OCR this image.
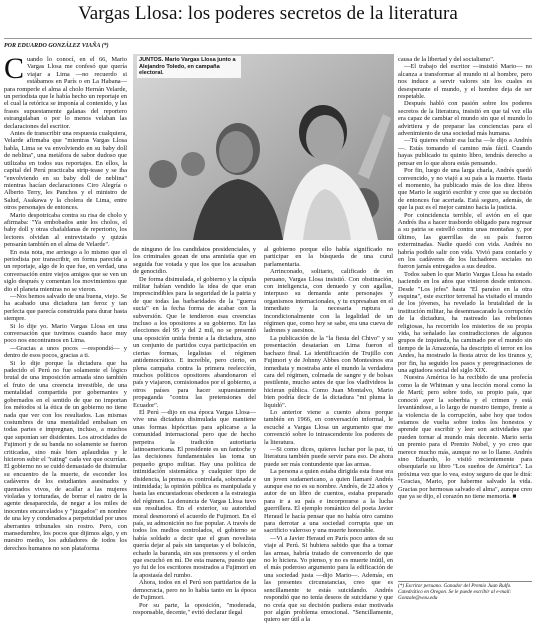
Vargas Llosa: los poderes secretos de la literatura
POR EDUARDO GONZÁLEZ VIAÑA (*)

Cuando lo conocí, en el 66, Mario Vargas Llosa me confesó que quería viajar a Lima —no recuerdo si estábamos en París o en La Habana— para romperle el alma al cholo Hernán Velarde, un periodista que le había hecho un reportaje en el cual la retórica se imponía al contenido, y las frases supuestamente galanas del reportero estrangulaban o por lo menos velaban las declaraciones del escritor.

Antes de transcribir una respuesta cualquiera, Velarde afirmaba que "mientras Vargas Llosa habla, Lima se va envolviendo en su baby doll de neblina", una metáfora de sabor dudoso que utilizaba en todos sus reportajes. En ellos, la capital del Perú practicaba strip-tease y se iba "envolviendo en su baby doll de neblina" mientras hacían declaraciones Ciro Alegría o Alberto Terry, les Panchos y el ministro de Salud, Asakawa y la cholera de Lima, entre otros personajes de entonces.

Mario despotricaba contra su risa de cholo y afirmaba: "Ya embobados ante los cholos, el baby doll y otras chafaldanas de repertorio, los lectores olvidan al entrevistado y quizás pensarán también en el alma de Velarde".

En esta nota, me arriesgo a lo mismo que el periodista por transcribir, en forma parecida a un reportaje, algo de lo que fue, en verdad, una conversación entre viejos amigos que se ven un siglo después y comentan los movimientos que dio el planeta mientras no se vieron.

—Nos hemos salvado de una buena, viejo. Se ha acabado una dictadura tan feroz y tan perfecta que parecía construida para durar hasta siempre.

Si lo dije yo. Mario Vargas Llosa en una conversación que tuvimos cuando hace muy poco nos encontramos en Lima.

—Gracias a unos pocos —respondió— y dentro de esos pocos, gracias a ti.

Si lo dije porque la dictadura que ha padecido el Perú no fue solamente el lógico brutal de una imposición armada sino también el fruto de una creencia investible, de una mentalidad compartida por gobernantes y gobernados en el sentido de que no importan los métodos si la ética de un gobierno no tiene nada que ver con los resultados. Las mismas costumbres de una mentalidad embalsan en todas partes e impregnan, incluso, a muchos que suponían ser disidentes. Los atrocidades de Fujimori y de su banda no solamente se fueron criticadas, sino más bien aplaudidas y le hicieron subir el "rating" cada vez que ocurrían. El gobierno no se cuidó demasiado de disimular su encuentro de la muerte, de esconder los cadáveres de los estudiantes asesinados y quemados vivos, de acallar a las mujeres violadas y torturadas, de borrar el rastro de la agente desaparecida, de negar a los miles de inocentes encarcelados y "juzgados" en nombre de una ley y condenados a perpetuidad por unos aberrantes tribunales sin rostro. Pero, con mansedumbre, los pocos que dijimos algo, y en nuestro medio, los aduladores de todos los derechos humanos no son plataforma

JUNTOS. Mario Vargas Llosa junto a Alejandro Toledo, en campaña electoral.

de ninguno de los candidatos presidenciales, y los criminales gozan de una amnistía que en seguida fue votada y que los que los acusaban de genocidio.

De forma disimulada, el gobierno y la cúpula militar habían vendido la idea de que eran imprescindibles para la seguridad de la patria y de que todas las barbaridades de la "guerra sucia" en la fecha forma de acabar con la subversión. Que le tendieron esas creencias incluso a los opositores a su gobierno. En las elecciones del 95 y del 2 mil, no se presentó una oposición unida frente a la dictadura, sino un conjunto de partidos cuya participación en ciertas formas, legalistas el régimen antidemocrático. E increíble, pero cierto, en plena campaña contra la primera reelección, muchos políticos opositores abandonaron el país y viajaron, comisionados por el gobierno, a otros países para hacer supuestamente propaganda "contra las pretensiones del Ecuador".

El Perú —dijo en esa época Vargas Llosa— vive una dictadura disimulada que mantiene unas formas hipócritas para aplicarse a la comunidad internacional pero que de hecho perpetra la tradición autoritaria latinoamericana. El presidente es un fantoche y las decisiones fundamentales las toma un pequeño grupo militar. Hay una política de intimidación sistemática y cualquier tipo de disidencia, la prensa es controlada, sobornada e intimidada; la opinión pública es manipulada y hasta las encuestadoras obedecen a la estrategia del régimen. La denuncia de Vargas Llosa tuvo sus resultados. En el exterior, su autoridad moral desmoronó el acuerdo de Fujimori. En el país, su admonición no fue popular. A través de todos los medios controlados, el gobierno se había soldado a decir que el gran novelista quería dejar al país sin tanquetas y el bolsicón, echado la baranda, sin sus prensores y el orden que escuchó en mí. De esta manera, puesto que yo fui de los escritores mostrados a Fujimori en la apostasía del rumbo.

Ahora, todos en el Perú son partidarios de la democracia, pero no lo había tanto en la época de Fujimori.

Por su parte, la oposición, "moderada, responsable, decente," evitó declarar ilegal

al gobierno porque ello había significado no participar en la búsqueda de una curul parlamentaria.

Arrinconado, solitario, calificado de en peruano, Vargas Llosa insistió. Con obstinación, con inteligencia, con denuedo y con agallas, interpuso su demanda ante personajes y organismos internacionales, y tu expresaban en el inmediato y la necesaria ruptura a incondicionalmente con la legalidad de un régimen que, como hoy se sabe, era una cueva de ladrones y asesinos.

La publicación de la "la fiesta del Chivo" y su presentación desatarían en Lima fueron el hachazo final. La identificación de Trujillo con Fujimori y de Johnny Abbes con Montesinos era inmediata y mostraba ante el mundo la verdadera cara del régimen, colmada de sangre y de bolsas pestilente, mucho antes de que los vladivideos la hicieran pública. Como Juan Montalvo, Mario bien podría decir de la dictadura "mi pluma la liquidó".

Lo anterior viene a cuento ahora porque también en 1966, en conversación informal, le escuché a Vargas Llosa un argumento que me convenció sobre lo intrascendente los poderes de la literatura.

—Si como dices, quieres luchar por la paz, tú literatura también puede servir para eso. De ahora puede ser más contundente que las armas.

La persona a quien estaba dirigida esta frase era un joven sudamericano, a quien llamaré Andrés aunque ese no es su nombre. Andrés, de 22 años y autor de un libro de cuentos, estaba preparado para ir a su país e incorporarse a la lucha guerrillera. El ejemplo romántico del poeta Javier Heraud le hacía pensar que no había otro camino para derrotar a una sociedad corrupta que un sacrificio valeroso y una muerte honorable.

—Vi a Javier Heraud en París poco antes de su viaje al Perú. Si hubiera sabido que iba a tomar las armas, habría tratado de convencerlo de que no lo hiciera. Yo pienso, y no es muerte inútil, en el más poderoso argumento para la edificación de una sociedad justa —dijo Mario—. Además, en las presentes circunstancias, creo que es sencillamente te estás suicidando. Andrés respondió que no tenía deseos de suicidarse y que no creía que su decisión pudiera estar motivada por algún problema emocional. "Sencillamente, quiero ser útil a la

causa de la libertad y del socialismo".

—El trabajo del escritor —insistió Mario— no alcanza a transformar al mundo ni al hombre, pero nos induce a servir valores sin los cuales es desesperante el mundo, y el hombre deja de ser respetable.

Después habló con pasión sobre los poderes secretos de la literatura, insistió en que tal vez ella era capaz de cambiar el mundo sin que el mundo lo advirtiera y de preparar las conciencias para el advenimiento de una sociedad más humana.

—Tú quieres rehuir esa lucha —le dijo a Andrés—. Estás tomando el camino más fácil. Cuando hayas publicado tu quinto libro, tendrás derecho a pensar en lo que ahora estás pensando.

Por fin, luego de una larga charla, Andrés quedó convencido, y no viajó a su país a la muerte. Hasta el momento, ha publicado más de los diez libros que Mario le sugirió escribir y cree que su decisión de entonces fue acertada. Está seguro, además, de que la paz es el mejor camino hacia la justicia.

Por coincidencia terrible, el avión en el que Andrés iba a hacer trasbordo obligado para regresar a su patria se estrelló contra unas montañas y, por último, las guerrillas de su país fueron exterminadas. Nadie quedó con vida. Andrés no habría podido salir con vida. Vivió para contarlo y en los cadáveres de los luchadores sociales no fueron jamás entregados a sus deudos.

Todos saben lo que Mario Vargas Llosa ha estado haciendo en los años que vinieron desde entonces. Desde "Los jefes" hasta "El paraíso en la otra esquina", este escritor terrenal ha visitado el mundo de los jóvenes, ha revelado la brutalidad de la institución militar, ha desenmascarado la corrupción de la dictadura, ha rastreado las rebeliones religiosas, ha recorrido los misterios de su propia vida, ha señalado las contradicciones de algunos grupos de izquierda, ha caminado por el mundo sin tiempo de la Amazonía, ha descripto el terror en los Andes, ha mostrado la fiesta atroz de los tiranos y, por fin, ha seguido los pasos y peregrinaciones de una agitadora social del siglo XIX.

Nuestra América lo ha recibido de una profecía como la de Whitman y una lección moral como la de Martí; pero sobre todo, su propio país, que conoció ayer la soberbia y el crimen y está levantándose, a lo largo de nuestro tiempo, frente a la violencia de la corrupción, sabe hoy que todos estamos de vuelta sobre todos los honestos y aprende que escribir y leer son actividades que pueden tornar al mundo más decente. Mario seria un premio para el Premio Nobel, y yo creo que merece mucho más, aunque no se lo llame. Andrés sino Eduardo, lo visitó recientemente para obsequiarle su libro "Los sueños de América". La próxima vez que lo vea, estoy seguro de que le dirá: "Gracias, Mario, por haberme salvado la vida. Gracias por hermosas salvado el alma", aunque creo que ya se dijo, el corazón no tiene memoria. ■

(*) Escritor peruano. Ganador del Premio Juan Rulfo. Catedrático en Oregon. Se le puede escribir al e-mail: Gonzale@wou.edu
